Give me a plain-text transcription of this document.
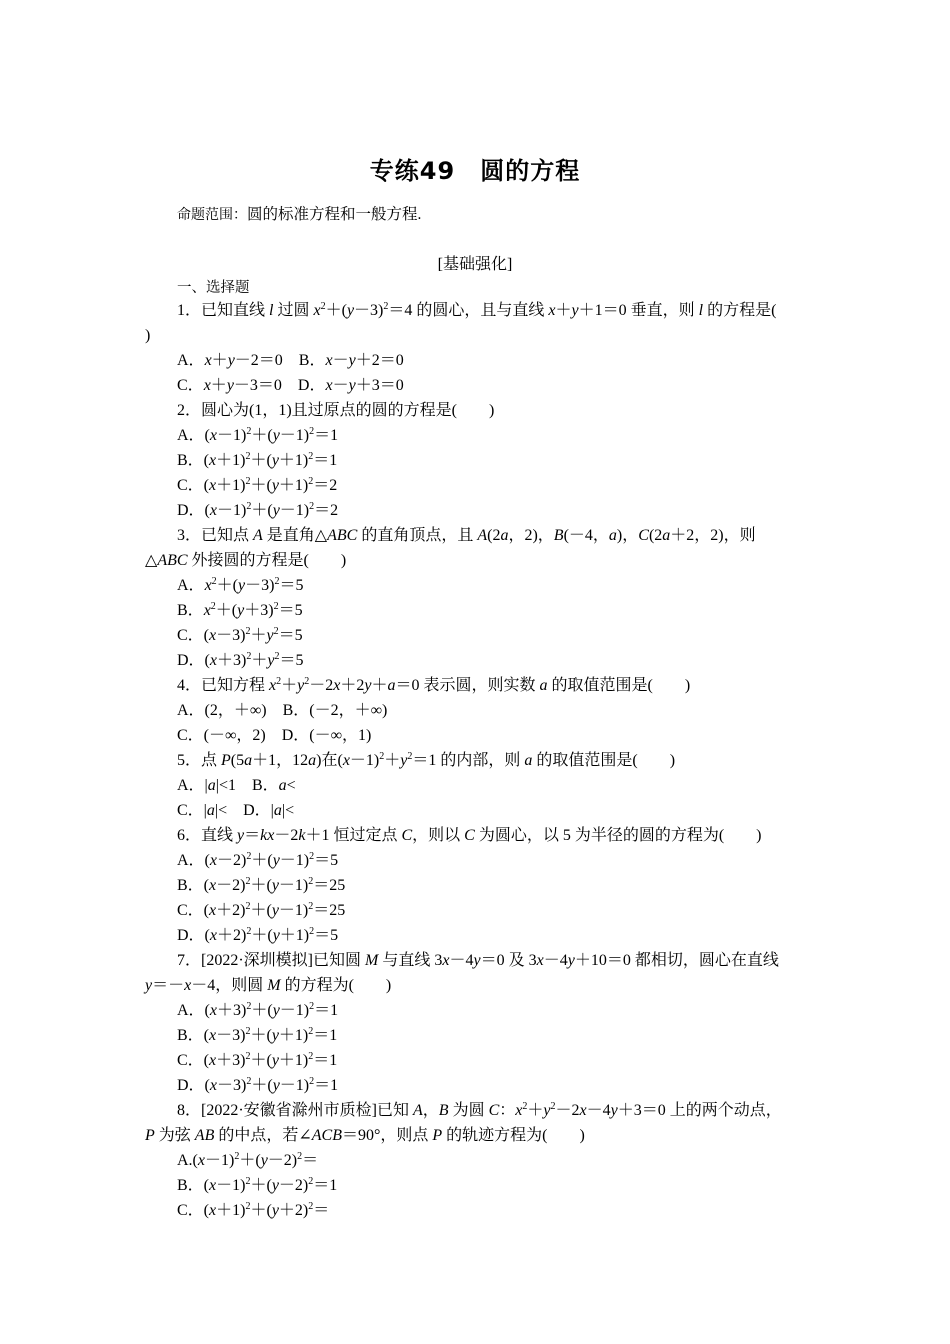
专练49　圆的方程
命题范围：圆的标准方程和一般方程.
[基础强化]
一、选择题
1．已知直线 l 过圆 $x^2+(y-3)^2=4$ 的圆心，且与直线 x＋y＋1＝0 垂直，则 l 的方程是(
)
A．x＋y－2＝0　B．x－y＋2＝0
C．x＋y－3＝0　D．x－y＋3＝0
2．圆心为(1，1)且过原点的圆的方程是(　　)
A．$(x-1)^2+(y-1)^2=1$
B．$(x+1)^2+(y+1)^2=1$
C．$(x+1)^2+(y+1)^2=2$
D．$(x-1)^2+(y-1)^2=2$
3．已知点 A 是直角△ABC 的直角顶点，且 A(2a，2)，B(－4，a)，C(2a＋2，2)，则
△ABC 外接圆的方程是(　　)
A．$x^2+(y-3)^2=5$
B．$x^2+(y+3)^2=5$
C．$(x-3)^2+y^2=5$
D．$(x+3)^2+y^2=5$
4．已知方程 $x^2+y^2-2x+2y+a=0$ 表示圆，则实数 a 的取值范围是(　　)
A．(2，＋∞)　B．(－2，＋∞)
C．(－∞，2)　D．(－∞，1)
5．点 P(5a＋1，12a)在$(x-1)^2+y^2=1$ 的内部，则 a 的取值范围是(　　)
A．|a|<1　B．a<
C．|a|<　D．|a|<
6．直线 y＝kx－2k＋1 恒过定点 C，则以 C 为圆心，以 5 为半径的圆的方程为(　　)
A．$(x-2)^2+(y-1)^2=5$
B．$(x-2)^2+(y-1)^2=25$
C．$(x+2)^2+(y-1)^2=25$
D．$(x+2)^2+(y+1)^2=5$
7．[2022·深圳模拟]已知圆 M 与直线 3x－4y＝0 及 3x－4y＋10＝0 都相切，圆心在直线
y＝－x－4，则圆 M 的方程为(　　)
A．$(x+3)^2+(y-1)^2=1$
B．$(x-3)^2+(y+1)^2=1$
C．$(x+3)^2+(y+1)^2=1$
D．$(x-3)^2+(y-1)^2=1$
8．[2022·安徽省滁州市质检]已知 A，B 为圆 C：$x^2+y^2-2x-4y+3=0$ 上的两个动点，
P 为弦 AB 的中点，若∠ACB＝90°，则点 P 的轨迹方程为(　　)
$A.(x-1)^2+(y-2)^2=$
B．$(x-1)^2+(y-2)^2=1$
C．$(x+1)^2+(y+2)^2=$
